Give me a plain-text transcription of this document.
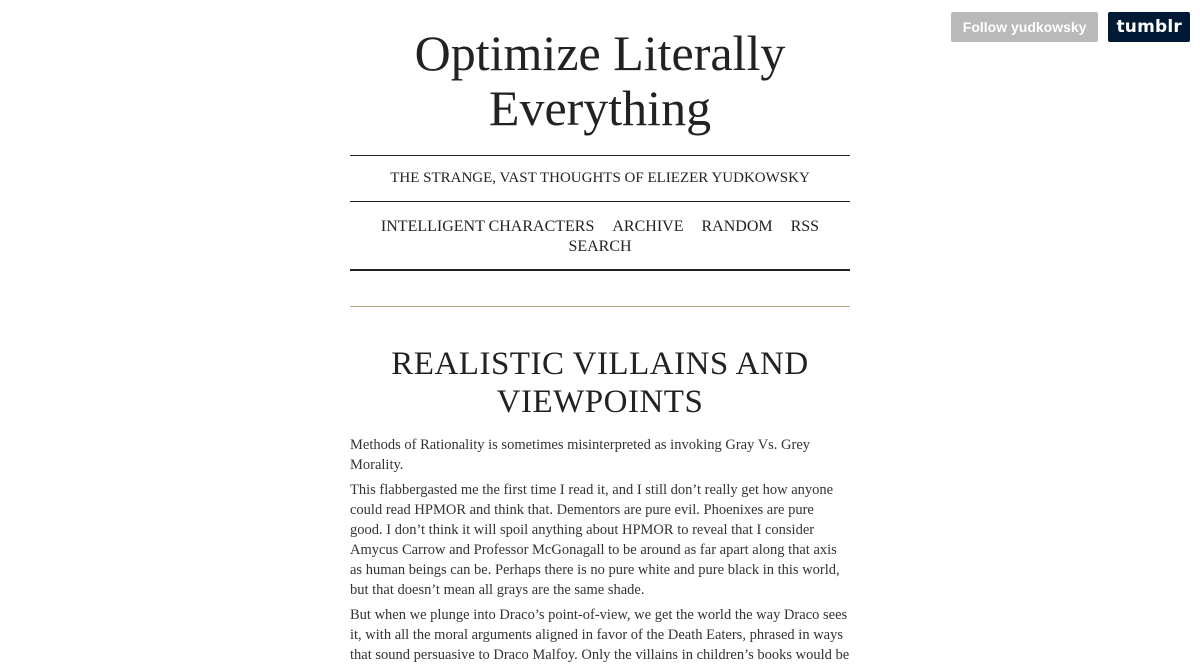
Follow yudkowsky	tumblr
Optimize Literally Everything
THE STRANGE, VAST THOUGHTS OF ELIEZER YUDKOWSKY
INTELLIGENT CHARACTERS ARCHIVE RANDOM RSS
SEARCH
REALISTIC VILLAINS AND VIEWPOINTS

Methods of Rationality is sometimes misinterpreted as invoking Gray Vs. Grey Morality.

This flabbergasted me the first time I read it, and I still don’t really get how anyone could read HPMOR and think that. Dementors are pure evil. Phoenixes are pure good. I don’t think it will spoil anything about HPMOR to reveal that I consider Amycus Carrow and Professor McGonagall to be around as far apart along that axis as human beings can be. Perhaps there is no pure white and pure black in this world, but that doesn’t mean all grays are the same shade.

But when we plunge into Draco’s point-of-view, we get the world the way Draco sees it, with all the moral arguments aligned in favor of the Death Eaters, phrased in ways that sound persuasive to Draco Malfoy. Only the villains in children’s books would be
